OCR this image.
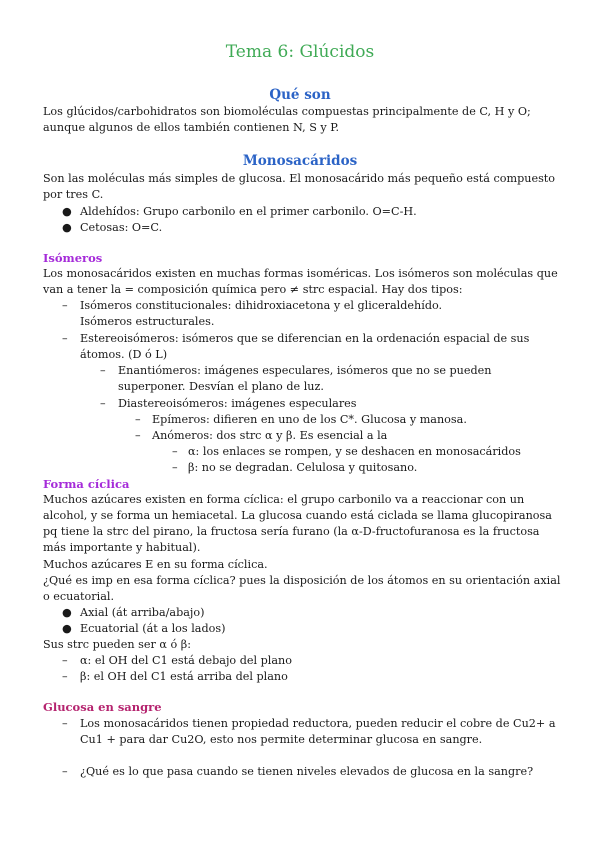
Tema 6: Glúcidos
Qué son
Los glúcidos/carbohidratos son biomoléculas compuestas principalmente de C, H y O; aunque algunos de ellos también contienen N, S y P.
Monosacáridos
Son las moléculas más simples de glucosa. El monosacárido más pequeño está compuesto por tres C.
● Aldehídos: Grupo carbonilo en el primer carbonilo. O=C-H.
● Cetosas: O=C.
Isómeros
Los monosacáridos existen en muchas formas isoméricas. Los isómeros son moléculas que van a tener la = composición química pero ≠ strc espacial. Hay dos tipos:
– Isómeros constitucionales: dihidroxiacetona y el gliceraldehído. Isómeros estructurales.
– Estereoisómeros: isómeros que se diferencian en la ordenación espacial de sus átomos. (D ó L)
– Enantiómeros: imágenes especulares, isómeros que no se pueden superponer. Desvían el plano de luz.
– Diastereoisómeros: imágenes especulares
– Epímeros: difieren en uno de los C*. Glucosa y manosa.
– Anómeros: dos strc α y β. Es esencial a la
– α: los enlaces se rompen, y se deshacen en monosacáridos
– β: no se degradan. Celulosa y quitosano.
Forma cíclica
Muchos azúcares existen en forma cíclica: el grupo carbonilo va a reaccionar con un alcohol, y se forma un hemiacetal. La glucosa cuando está ciclada se llama glucopiranosa pq tiene la strc del pirano, la fructosa sería furano (la α-D-fructofuranosa es la fructosa más importante y habitual).
Muchos azúcares E en su forma cíclica.
¿Qué es imp en esa forma cíclica? pues la disposición de los átomos en su orientación axial o ecuatorial.
● Axial (át arriba/abajo)
● Ecuatorial (át a los lados)
Sus strc pueden ser α ó β:
– α: el OH del C1 está debajo del plano
– β: el OH del C1 está arriba del plano
Glucosa en sangre
– Los monosacáridos tienen propiedad reductora, pueden reducir el cobre de Cu2+ a Cu1 + para dar Cu2O, esto nos permite determinar glucosa en sangre.
– ¿Qué es lo que pasa cuando se tienen niveles elevados de glucosa en la sangre?
